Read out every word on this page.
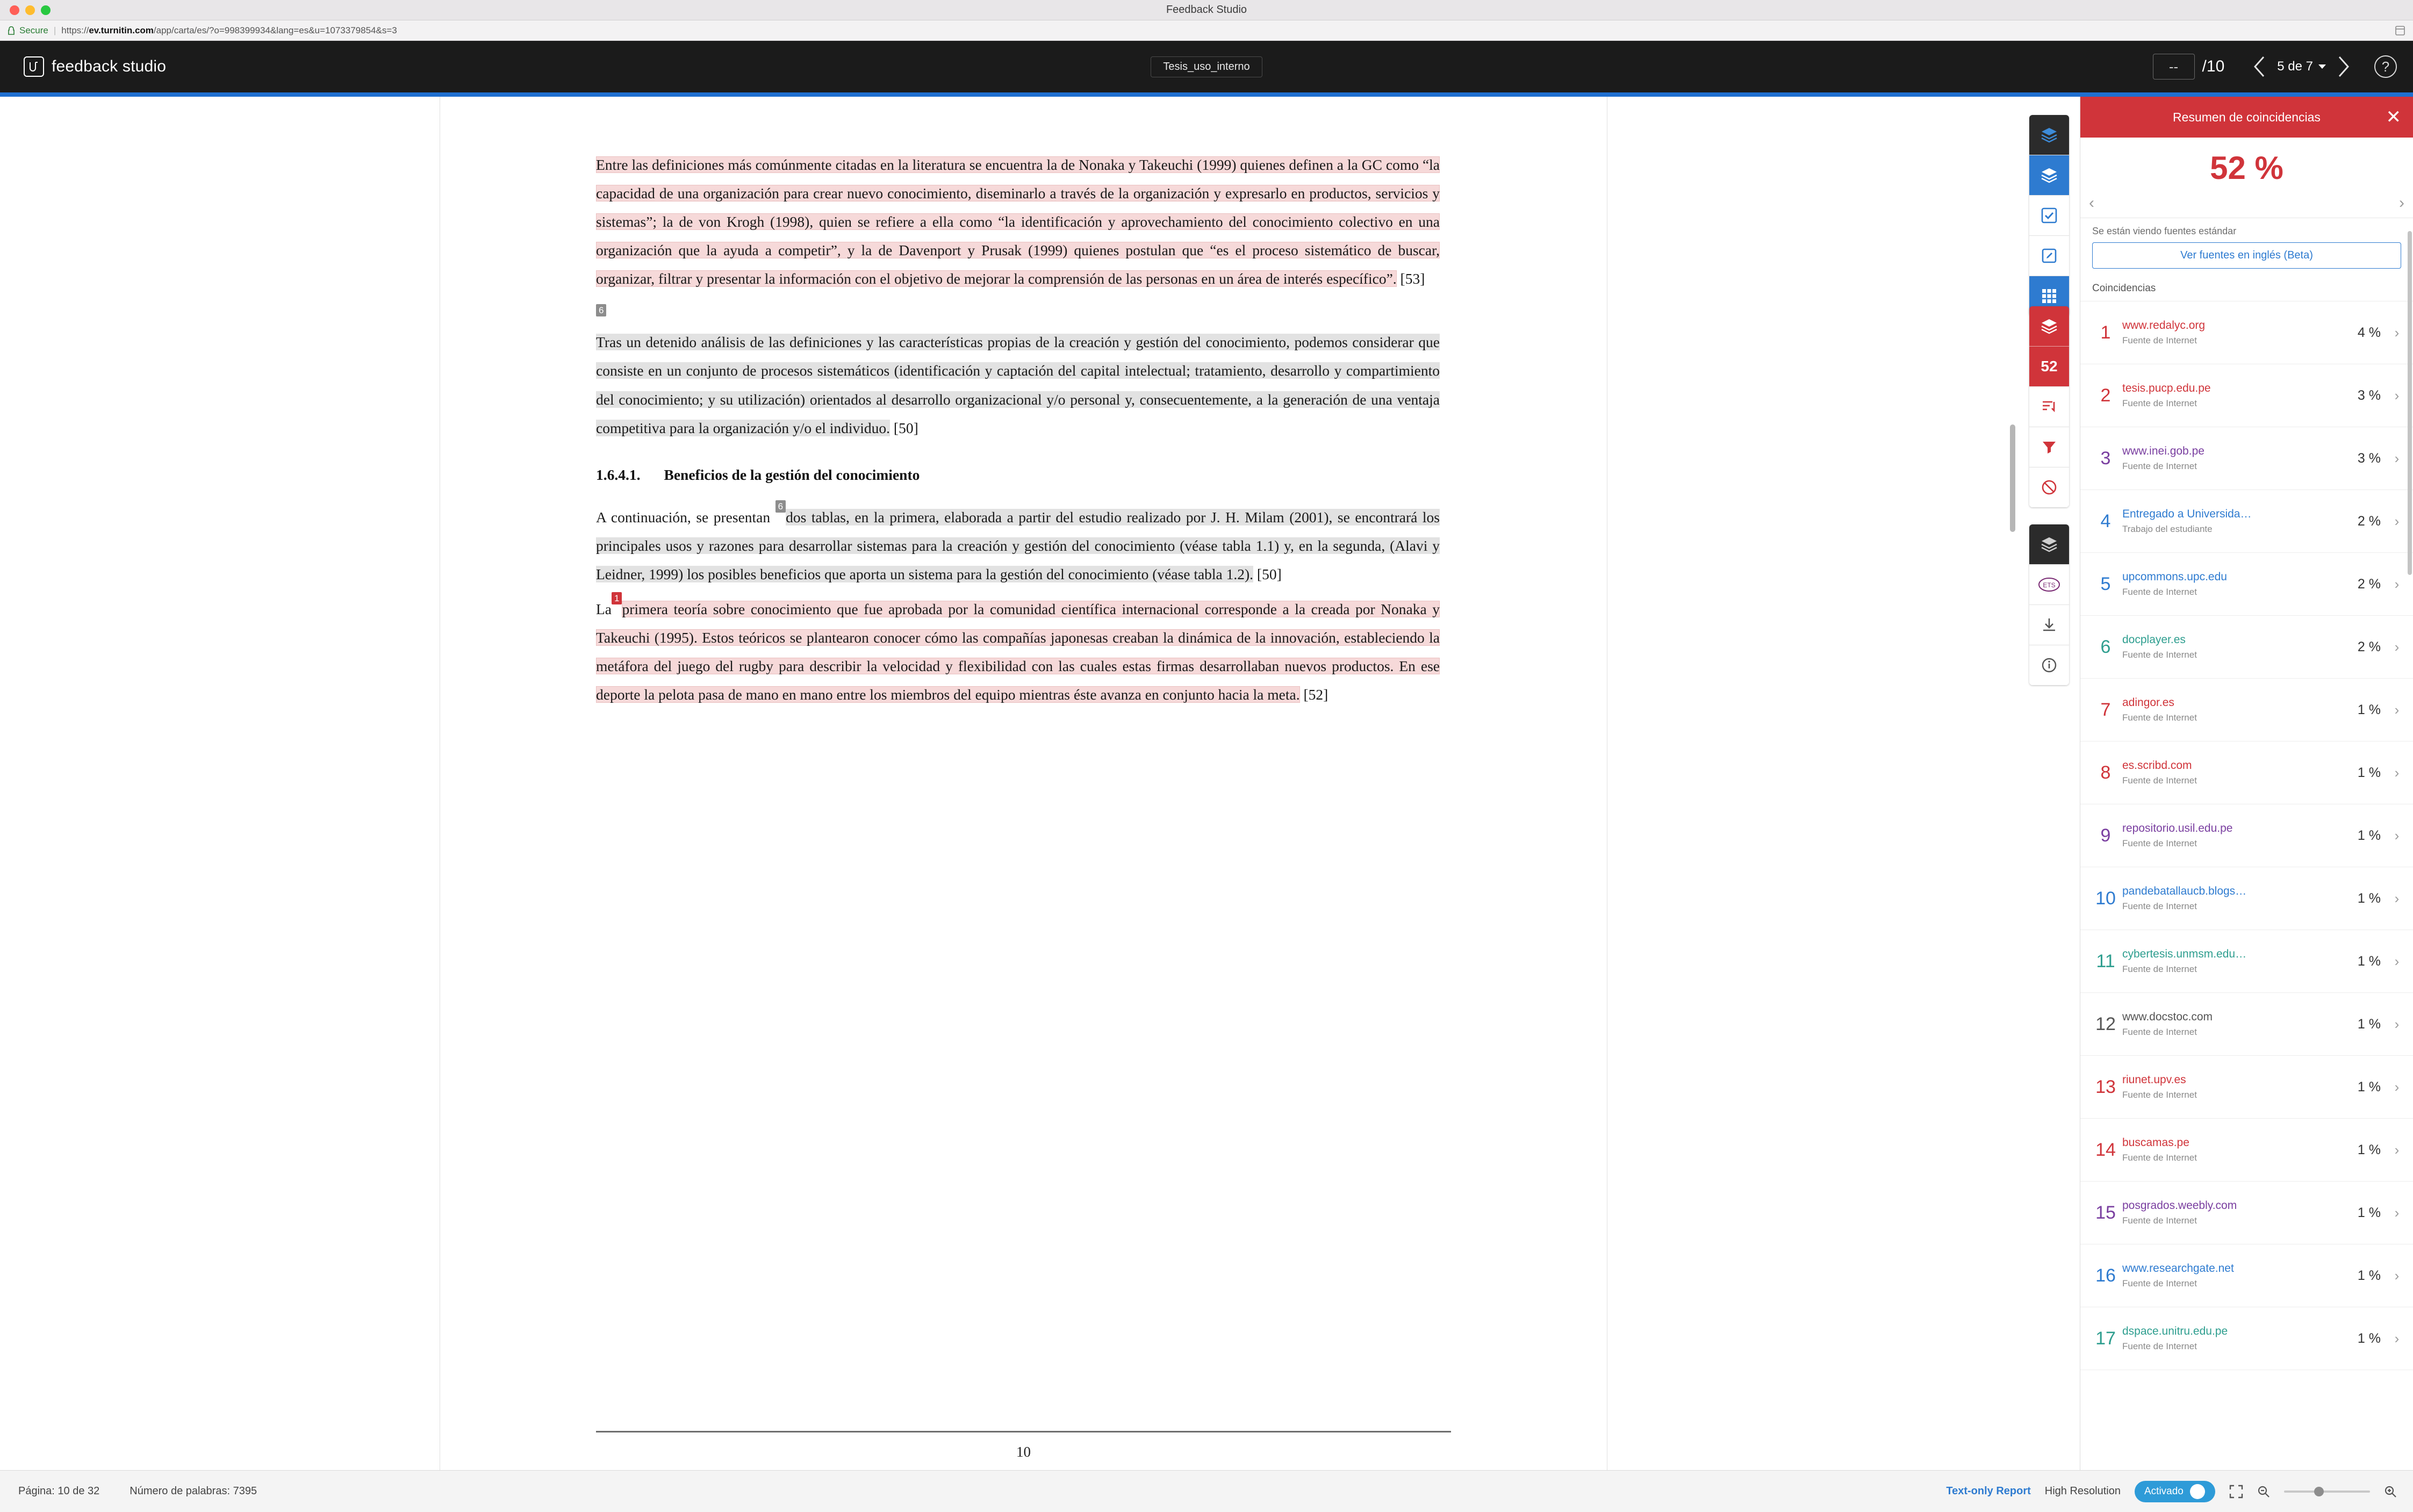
Feedback Studio
Secure | https://ev.turnitin.com/app/carta/es/?o=998399934&lang=es&u=1073379854&s=3
feedback studio	Tesis_uso_interno	--	/10	5 de 7	?

Entre las definiciones más comúnmente citadas en la literatura se encuentra la de Nonaka y Takeuchi (1999) quienes definen a la GC como “la capacidad de una organización para crear nuevo conocimiento, diseminarlo a través de la organización y expresarlo en productos, servicios y sistemas”; la de von Krogh (1998), quien se refiere a ella como “la identificación y aprovechamiento del conocimiento colectivo en una organización que la ayuda a competir”, y la de Davenport y Prusak (1999) quienes postulan que “es el proceso sistemático de buscar, organizar, filtrar y presentar la información con el objetivo de mejorar la comprensión de las personas en un área de interés específico”. [53]

6
Tras un detenido análisis de las definiciones y las características propias de la creación y gestión del conocimiento, podemos considerar que consiste en un conjunto de procesos sistemáticos (identificación y captación del capital intelectual; tratamiento, desarrollo y compartimiento del conocimiento; y su utilización) orientados al desarrollo organizacional y/o personal y, consecuentemente, a la generación de una ventaja competitiva para la organización y/o el individuo. [50]

1.6.4.1. Beneficios de la gestión del conocimiento

A continuación, se presentan 6dos tablas, en la primera, elaborada a partir del estudio realizado por J. H. Milam (2001), se encontrará los principales usos y razones para desarrollar sistemas para la creación y gestión del conocimiento (véase tabla 1.1) y, en la segunda, (Alavi y Leidner, 1999) los posibles beneficios que aporta un sistema para la gestión del conocimiento (véase tabla 1.2). [50]

La1primera teoría sobre conocimiento que fue aprobada por la comunidad científica internacional corresponde a la creada por Nonaka y Takeuchi (1995). Estos teóricos se plantearon conocer cómo las compañías japonesas creaban la dinámica de la innovación, estableciendo la metáfora del juego del rugby para describir la velocidad y flexibilidad con las cuales estas firmas desarrollaban nuevos productos. En ese deporte la pelota pasa de mano en mano entre los miembros del equipo mientras éste avanza en conjunto hacia la meta. [52]

10
52
ETS
Resumen de coincidencias	✕
52 %
‹	›
Se están viendo fuentes estándar
Ver fuentes en inglés (Beta)
Coincidencias
1	www.redalyc.org
Fuente de Internet
4 % ›
2	tesis.pucp.edu.pe
Fuente de Internet
3 % ›
3	www.inei.gob.pe
Fuente de Internet
3 % ›
4	Entregado a Universida…
Trabajo del estudiante
2 % ›
5	upcommons.upc.edu
Fuente de Internet
2 % ›
6	docplayer.es
Fuente de Internet
2 % ›
7	adingor.es
Fuente de Internet
1 % ›
8	es.scribd.com
Fuente de Internet
1 % ›
9	repositorio.usil.edu.pe
Fuente de Internet
1 % ›
10 pandebatallaucb.blogs…
Fuente de Internet
1 % ›
11 cybertesis.unmsm.edu…
Fuente de Internet
1 % ›
12 www.docstoc.com
Fuente de Internet
1 % ›
13 riunet.upv.es
Fuente de Internet
1 % ›
14 buscamas.pe
Fuente de Internet
1 % ›
15 posgrados.weebly.com
Fuente de Internet
1 % ›
16 www.researchgate.net
Fuente de Internet
1 % ›
17 dspace.unitru.edu.pe
Fuente de Internet
1 % ›
Página: 10 de 32	Número de palabras: 7395	Text-only Report High Resolution Activado
